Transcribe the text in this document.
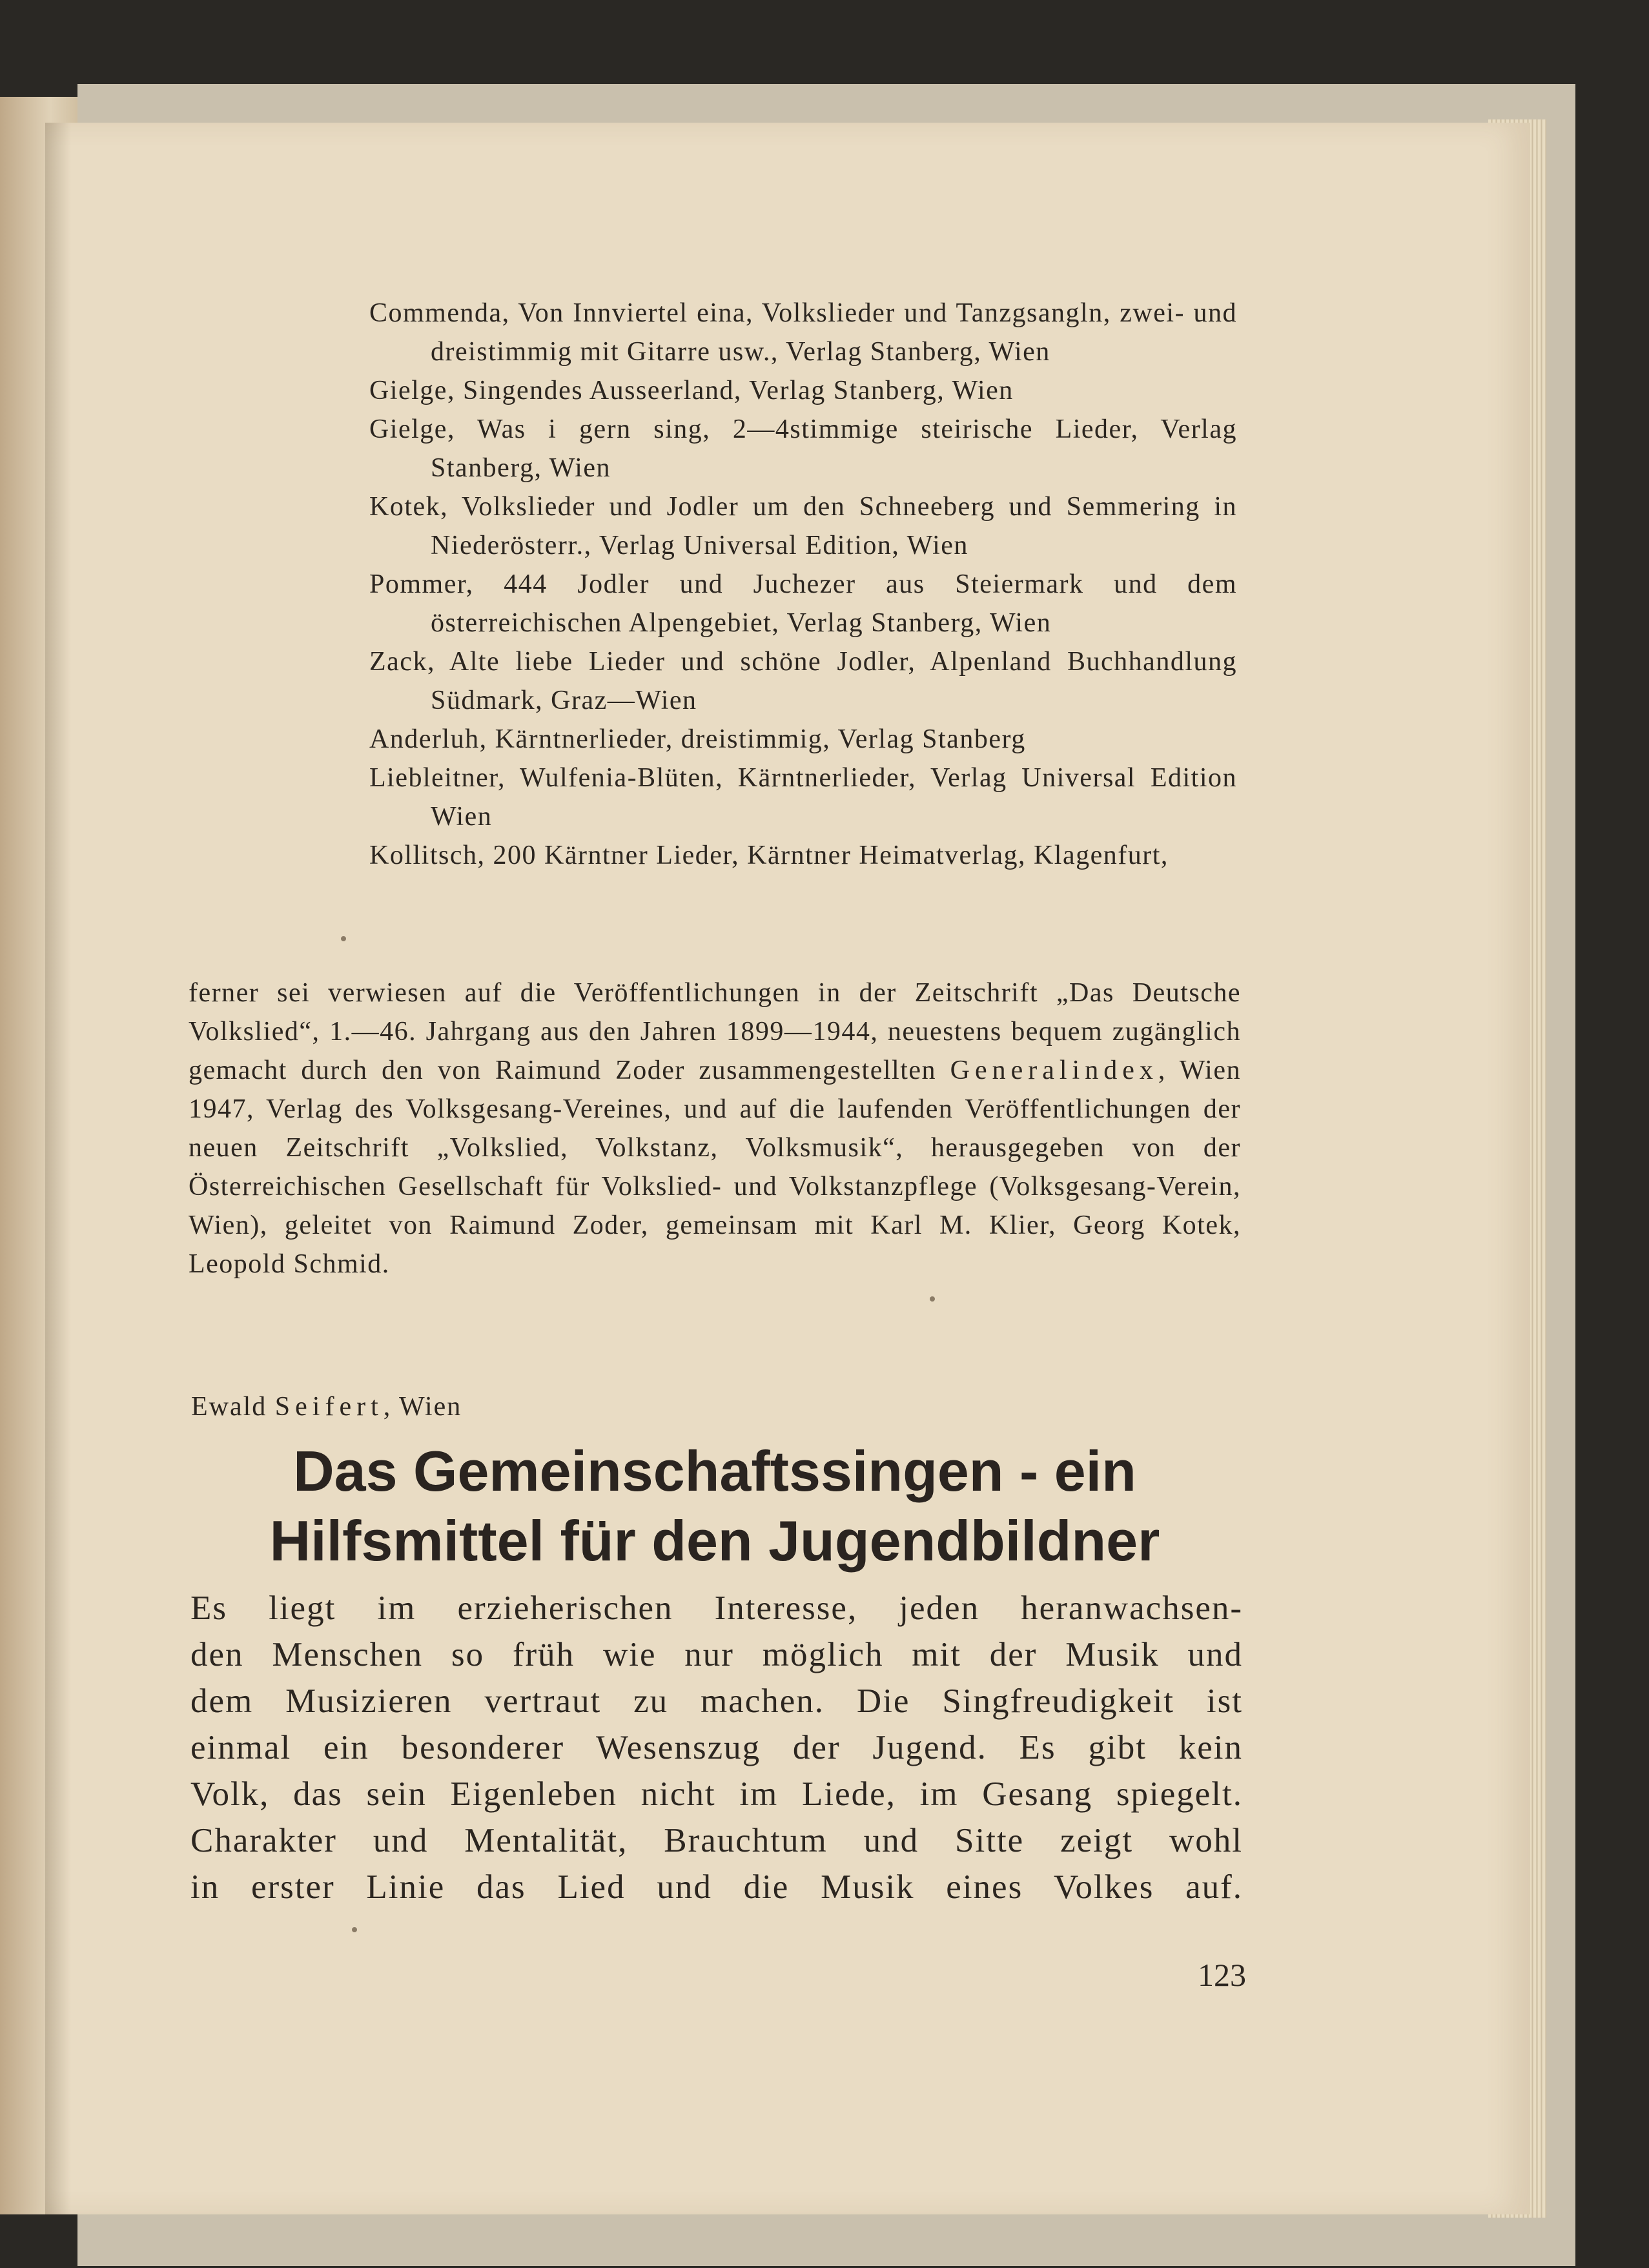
Commenda, Von Innviertel eina, Volkslieder und Tanzgsangln, zwei- und dreistimmig mit Gitarre usw., Verlag Stanberg, Wien
Gielge, Singendes Ausseerland, Verlag Stanberg, Wien
Gielge, Was i gern sing, 2—4stimmige steirische Lieder, Verlag Stanberg, Wien
Kotek, Volkslieder und Jodler um den Schneeberg und Semmering in Niederösterr., Verlag Universal Edition, Wien
Pommer, 444 Jodler und Juchezer aus Steiermark und dem österreichischen Alpengebiet, Verlag Stanberg, Wien
Zack, Alte liebe Lieder und schöne Jodler, Alpenland Buchhandlung Südmark, Graz—Wien
Anderluh, Kärntnerlieder, dreistimmig, Verlag Stanberg
Liebleitner, Wulfenia-Blüten, Kärntnerlieder, Verlag Universal Edition Wien
Kollitsch, 200 Kärntner Lieder, Kärntner Heimatverlag, Klagenfurt,
ferner sei verwiesen auf die Veröffentlichungen in der Zeitschrift „Das Deutsche Volkslied“, 1.—46. Jahrgang aus den Jahren 1899—1944, neuestens bequem zugänglich gemacht durch den von Raimund Zoder zusammengestellten Generalindex, Wien 1947, Verlag des Volksgesang-Vereines, und auf die laufenden Veröffentlichungen der neuen Zeitschrift „Volkslied, Volkstanz, Volksmusik“, herausgegeben von der Österreichischen Gesellschaft für Volkslied- und Volkstanzpflege (Volksgesang-Verein, Wien), geleitet von Raimund Zoder, gemeinsam mit Karl M. Klier, Georg Kotek, Leopold Schmid.
Ewald Seifert, Wien
Das Gemeinschaftssingen - ein
Hilfsmittel für den Jugendbildner
Es liegt im erzieherischen Interesse, jeden heranwachsen-
den Menschen so früh wie nur möglich mit der Musik und
dem Musizieren vertraut zu machen. Die Singfreudigkeit ist
einmal ein besonderer Wesenszug der Jugend. Es gibt kein
Volk, das sein Eigenleben nicht im Liede, im Gesang spiegelt.
Charakter und Mentalität, Brauchtum und Sitte zeigt wohl
in erster Linie das Lied und die Musik eines Volkes auf.
123
